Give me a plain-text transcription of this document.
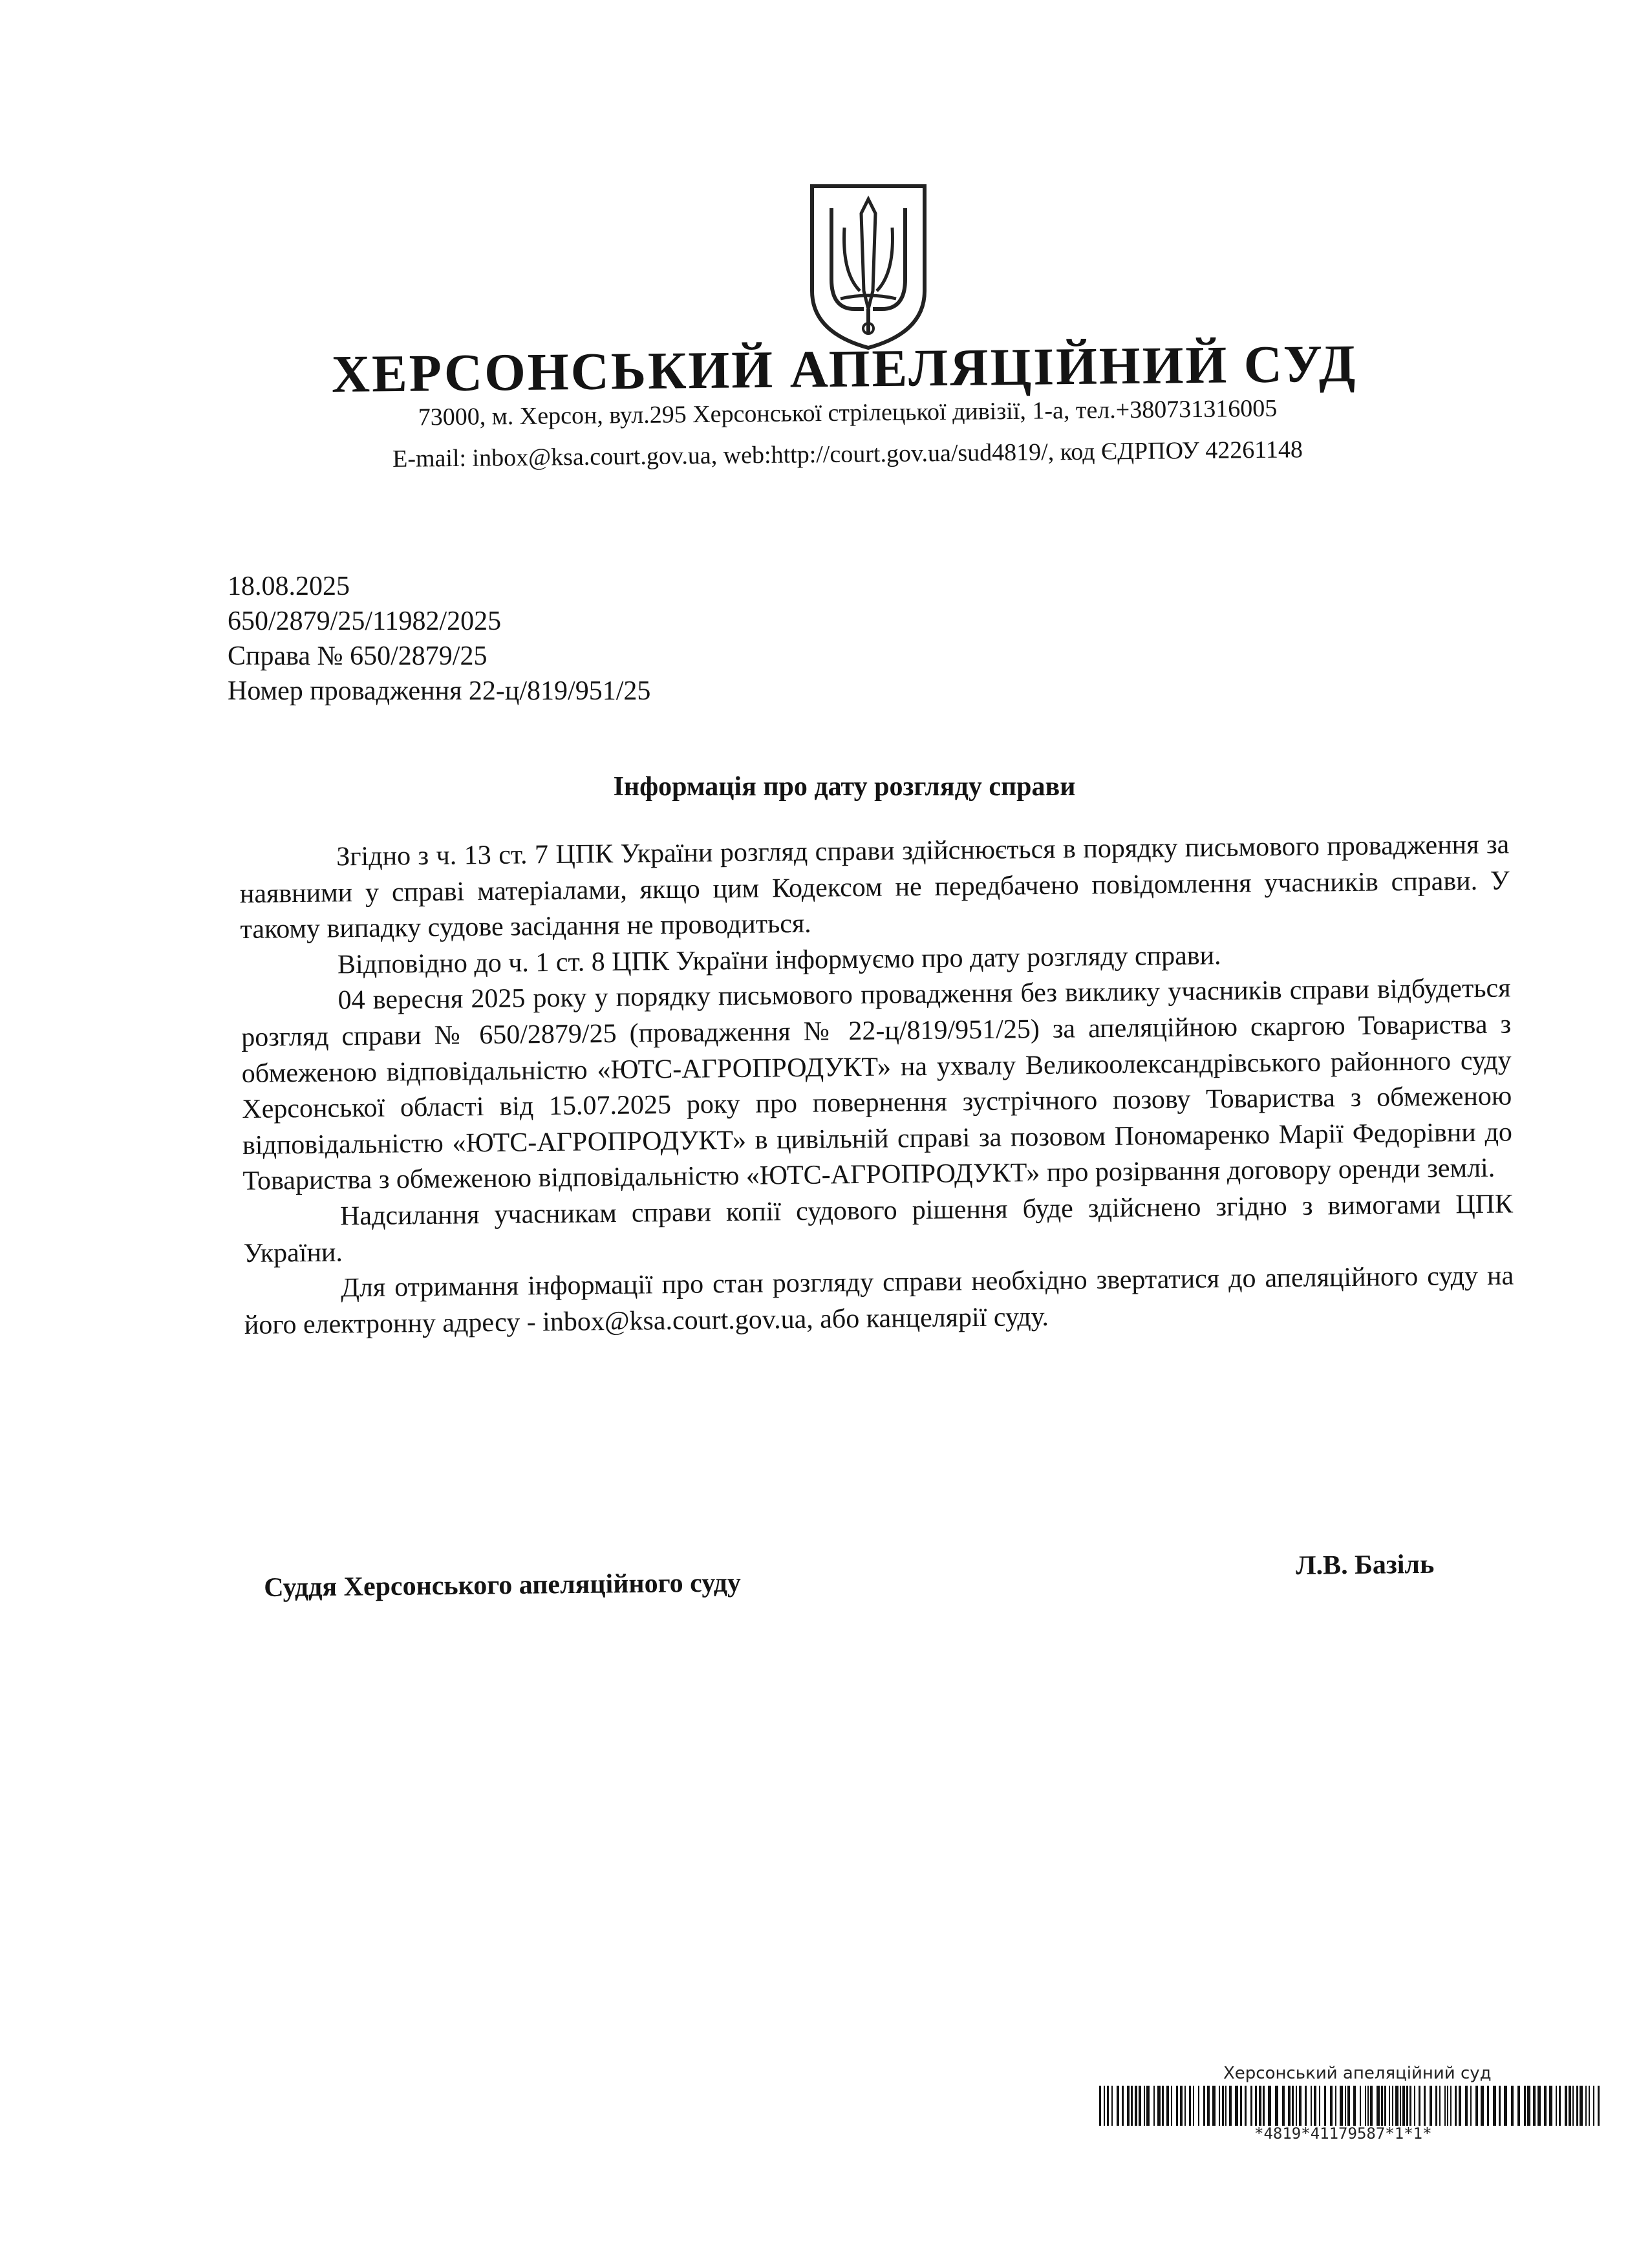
ХЕРСОНСЬКИЙ АПЕЛЯЦІЙНИЙ СУД
73000, м. Херсон, вул.295 Херсонської стрілецької дивізії, 1-а, тел.+380731316005
E-mail: inbox@ksa.court.gov.ua, web:http://court.gov.ua/sud4819/, код ЄДРПОУ 42261148
18.08.2025
650/2879/25/11982/2025
Справа № 650/2879/25
Номер провадження 22-ц/819/951/25
Інформація про дату розгляду справи

Згідно з ч. 13 ст. 7 ЦПК України розгляд справи здійснюється в порядку письмового провадження за наявними у справі матеріалами, якщо цим Кодексом не передбачено повідомлення учасників справи. У такому випадку судове засідання не проводиться.

Відповідно до ч. 1 ст. 8 ЦПК України інформуємо про дату розгляду справи.

04 вересня 2025 року у порядку письмового провадження без виклику учасників справи відбудеться розгляд справи № 650/2879/25 (провадження № 22-ц/819/951/25) за апеляційною скаргою Товариства з обмеженою відповідальністю «ЮТС-АГРОПРОДУКТ» на ухвалу Великоолександрівського районного суду Херсонської області від 15.07.2025 року про повернення зустрічного позову Товариства з обмеженою відповідальністю «ЮТС-АГРОПРОДУКТ» в цивільній справі за позовом Пономаренко Марії Федорівни до Товариства з обмеженою відповідальністю «ЮТС-АГРОПРОДУКТ» про розірвання договору оренди землі.

Надсилання учасникам справи копії судового рішення буде здійснено згідно з вимогами ЦПК України.

Для отримання інформації про стан розгляду справи необхідно звертатися до апеляційного суду на його електронну адресу - inbox@ksa.court.gov.ua, або канцелярії суду.

Суддя Херсонського апеляційного суду
Л.В. Базіль
Херсонський апеляційний суд
*4819*41179587*1*1*
